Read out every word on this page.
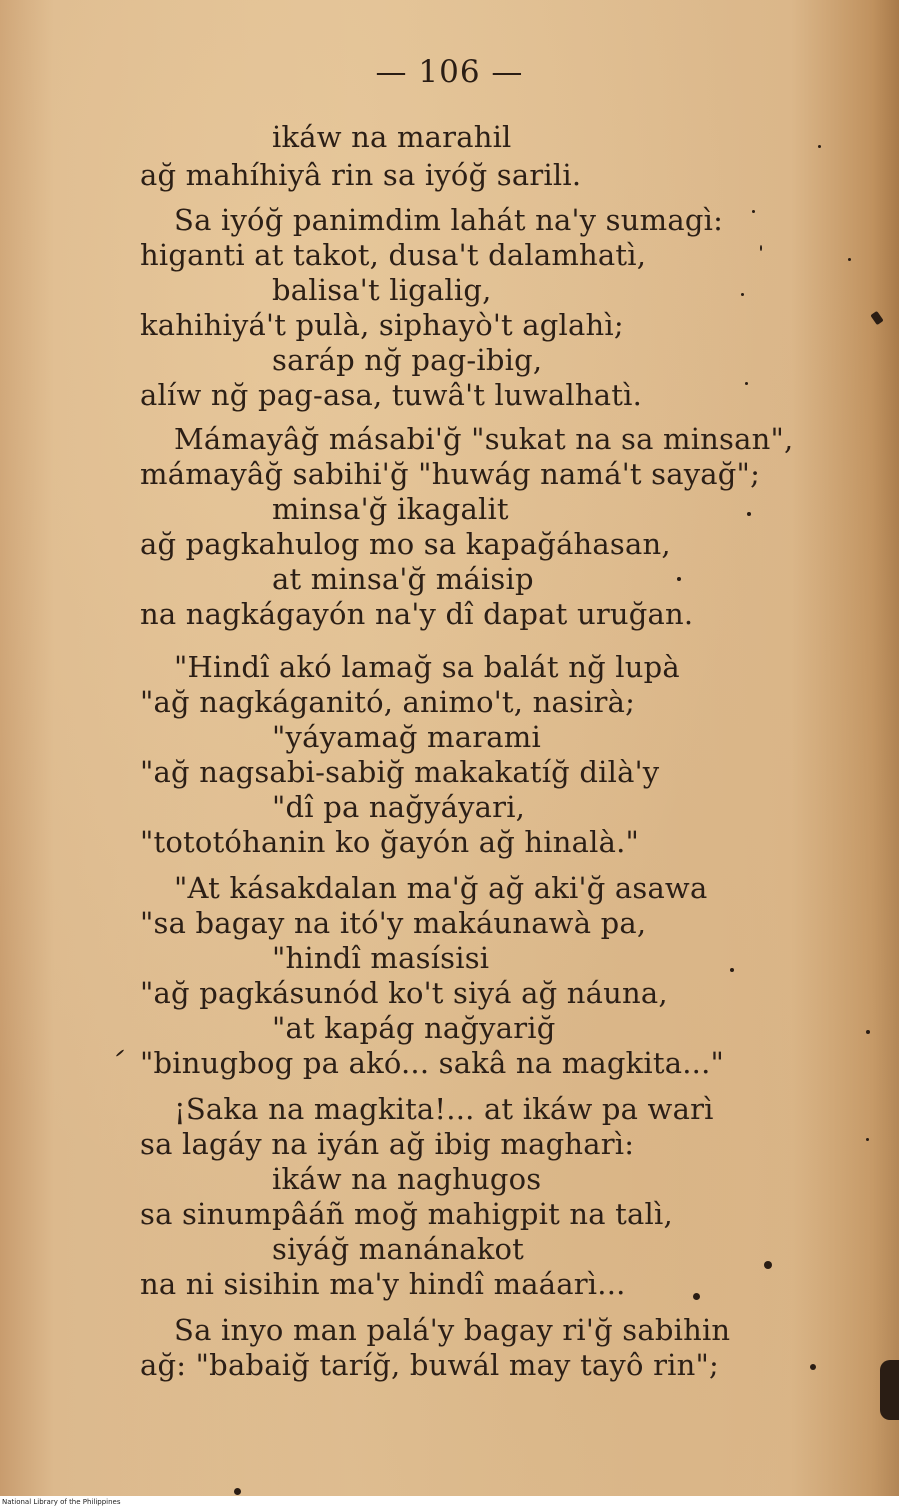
— 106 —
ikáw na marahil
ağ mahíhiyâ rin sa iyóğ sarili.
Sa iyóğ panimdim lahát na'y sumagì:
higanti at takot, dusa't dalamhatì,
balisa't ligalig,
kahihiyá't pulà, siphayò't aglahì;
saráp nğ pag-ibig,
alíw nğ pag-asa, tuwâ't luwalhatì.
Mámayâğ másabi'ğ "sukat na sa minsan",
mámayâğ sabihi'ğ "huwág namá't sayağ";
minsa'ğ ikagalit
ağ pagkahulog mo sa kapağáhasan,
at minsa'ğ máisip
na nagkágayón na'y dî dapat uruğan.
"Hindî akó lamağ sa balát nğ lupà
"ağ nagkáganitó, animo't, nasirà;
"yáyamağ marami
"ağ nagsabi-sabiğ makakatíğ dilà'y
"dî pa nağyáyari,
"tototóhanin ko ğayón ağ hinalà."
"At kásakdalan ma'ğ ağ aki'ğ asawa
"sa bagay na itó'y makáunawà pa,
"hindî masísisi
"ağ pagkásunód ko't siyá ağ náuna,
"at kapág nağyariğ
"binugbog pa akó... sakâ na magkita..."
¡Saka na magkita!... at ikáw pa warì
sa lagáy na iyán ağ ibig magharì:
ikáw na naghugos
sa sinumpâáñ moğ mahigpit na talì,
siyáğ manánakot
na ni sisihin ma'y hindî maáarì...
Sa inyo man palá'y bagay ri'ğ sabihin
ağ: "babaiğ taríğ, buwál may tayô rin";
National Library of the Philippines
